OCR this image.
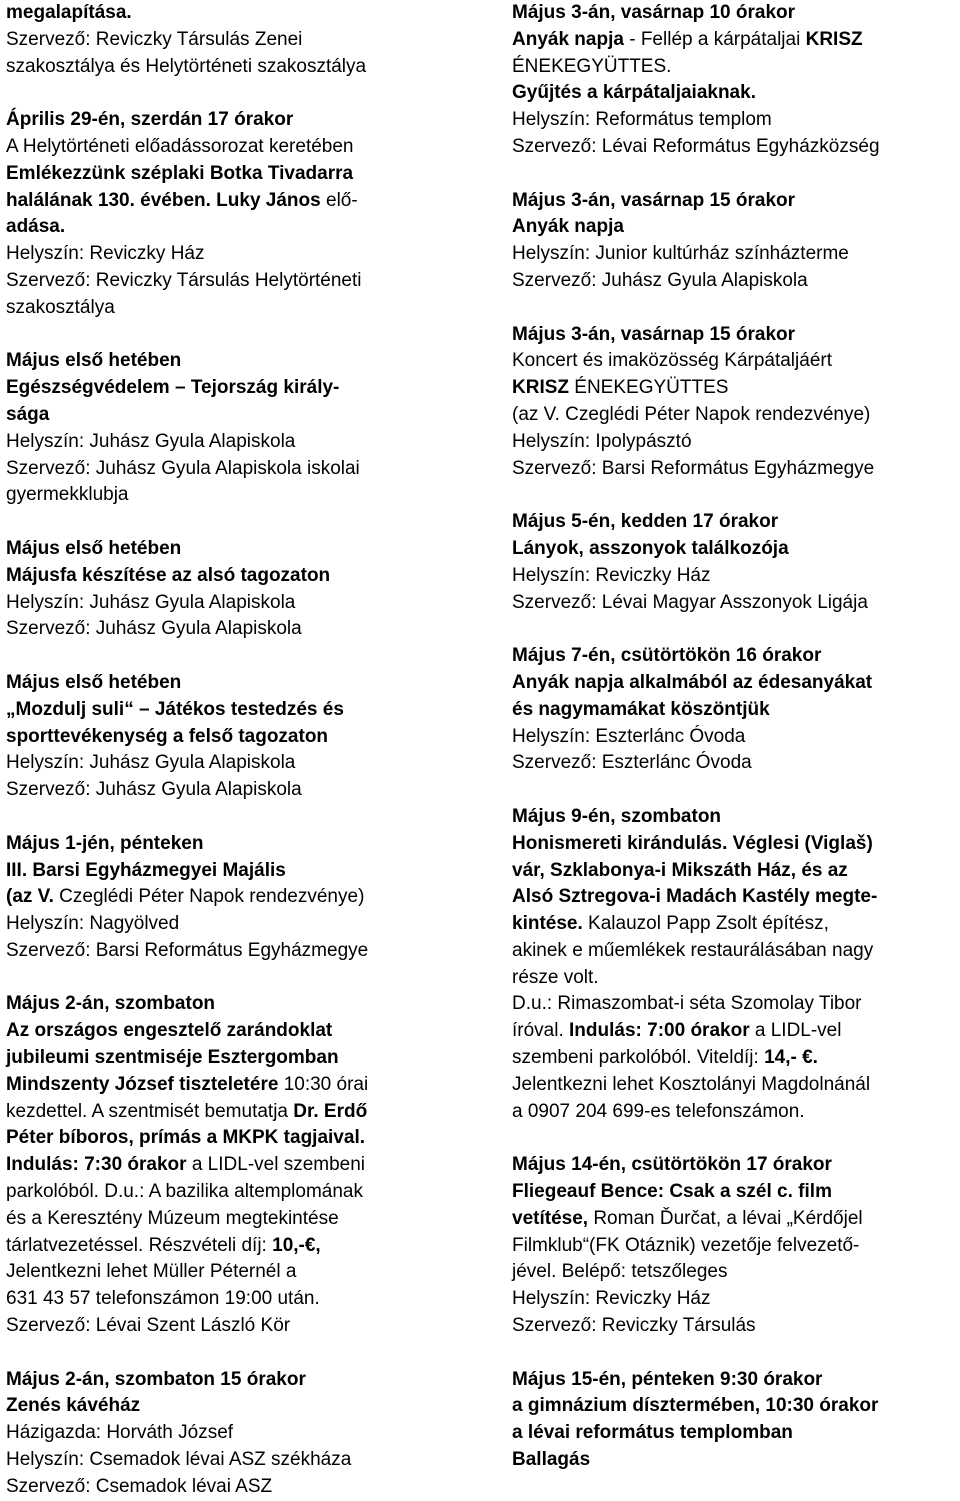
megalapítása.
Szervező: Reviczky Társulás Zenei
szakosztálya és Helytörténeti szakosztálya
Április 29-én, szerdán 17 órakor
A Helytörténeti előadássorozat keretében
Emlékezzünk széplaki Botka Tivadarra
halálának 130. évében. Luky János elő-
adása.
Helyszín: Reviczky Ház
Szervező: Reviczky Társulás Helytörténeti
szakosztálya
Május első hetében
Egészségvédelem – Tejország király-
sága
Helyszín: Juhász Gyula Alapiskola
Szervező: Juhász Gyula Alapiskola iskolai
gyermekklubja
Május első hetében
Májusfa készítése az alsó tagozaton
Helyszín: Juhász Gyula Alapiskola
Szervező: Juhász Gyula Alapiskola
Május első hetében
„Mozdulj suli“ – Játékos testedzés és
sporttevékenység a felső tagozaton
Helyszín: Juhász Gyula Alapiskola
Szervező: Juhász Gyula Alapiskola
Május 1-jén, pénteken
III. Barsi Egyházmegyei Majális
(az V. Czeglédi Péter Napok rendezvénye)
Helyszín: Nagyölved
Szervező: Barsi Református Egyházmegye
Május 2-án, szombaton
Az országos engesztelő zarándoklat
jubileumi szentmiséje Esztergomban
Mindszenty József tiszteletére 10:30 órai
kezdettel. A szentmisét bemutatja Dr. Erdő
Péter bíboros, prímás a MKPK tagjaival.
Indulás: 7:30 órakor a LIDL-vel szembeni
parkolóból. D.u.: A bazilika altemplomának
és a Keresztény Múzeum megtekintése
tárlatvezetéssel. Részvételi díj: 10,-€,
Jelentkezni lehet Müller Péternél a
631 43 57 telefonszámon 19:00 után.
Szervező: Lévai Szent László Kör
Május 2-án, szombaton 15 órakor
Zenés kávéház
Házigazda: Horváth József
Helyszín: Csemadok lévai ASZ székháza
Szervező: Csemadok lévai ASZ
Május 3-án, vasárnap 10 órakor
Anyák napja - Fellép a kárpátaljai KRISZ
ÉNEKEGYÜTTES.
Gyűjtés a kárpátaljaiaknak.
Helyszín: Református templom
Szervező: Lévai Református Egyházközség
Május 3-án, vasárnap 15 órakor
Anyák napja
Helyszín: Junior kultúrház színházterme
Szervező: Juhász Gyula Alapiskola
Május 3-án, vasárnap 15 órakor
Koncert és imaközösség Kárpátaljáért
KRISZ ÉNEKEGYÜTTES
(az V. Czeglédi Péter Napok rendezvénye)
Helyszín: Ipolypásztó
Szervező: Barsi Református Egyházmegye
Május 5-én, kedden 17 órakor
Lányok, asszonyok találkozója
Helyszín: Reviczky Ház
Szervező: Lévai Magyar Asszonyok Ligája
Május 7-én, csütörtökön 16 órakor
Anyák napja alkalmából az édesanyákat
és nagymamákat köszöntjük
Helyszín: Eszterlánc Óvoda
Szervező: Eszterlánc Óvoda
Május 9-én, szombaton
Honismereti kirándulás. Véglesi (Viglaš)
vár, Szklabonya-i Mikszáth Ház, és az
Alsó Sztregova-i Madách Kastély megte-
kintése. Kalauzol Papp Zsolt építész,
akinek e műemlékek restaurálásában nagy
része volt.
D.u.: Rimaszombat-i séta Szomolay Tibor
íróval. Indulás: 7:00 órakor a LIDL-vel
szembeni parkolóból. Viteldíj: 14,- €.
Jelentkezni lehet Kosztolányi Magdolnánál
a 0907 204 699-es telefonszámon.
Május 14-én, csütörtökön 17 órakor
Fliegeauf Bence: Csak a szél c. film
vetítése, Roman Ďurčat, a lévai „Kérdőjel
Filmklub“(FK Otáznik) vezetője felvezető-
jével. Belépő: tetszőleges
Helyszín: Reviczky Ház
Szervező: Reviczky Társulás
Május 15-én, pénteken 9:30 órakor
a gimnázium dísztermében, 10:30 órakor
a lévai református templomban
Ballagás
